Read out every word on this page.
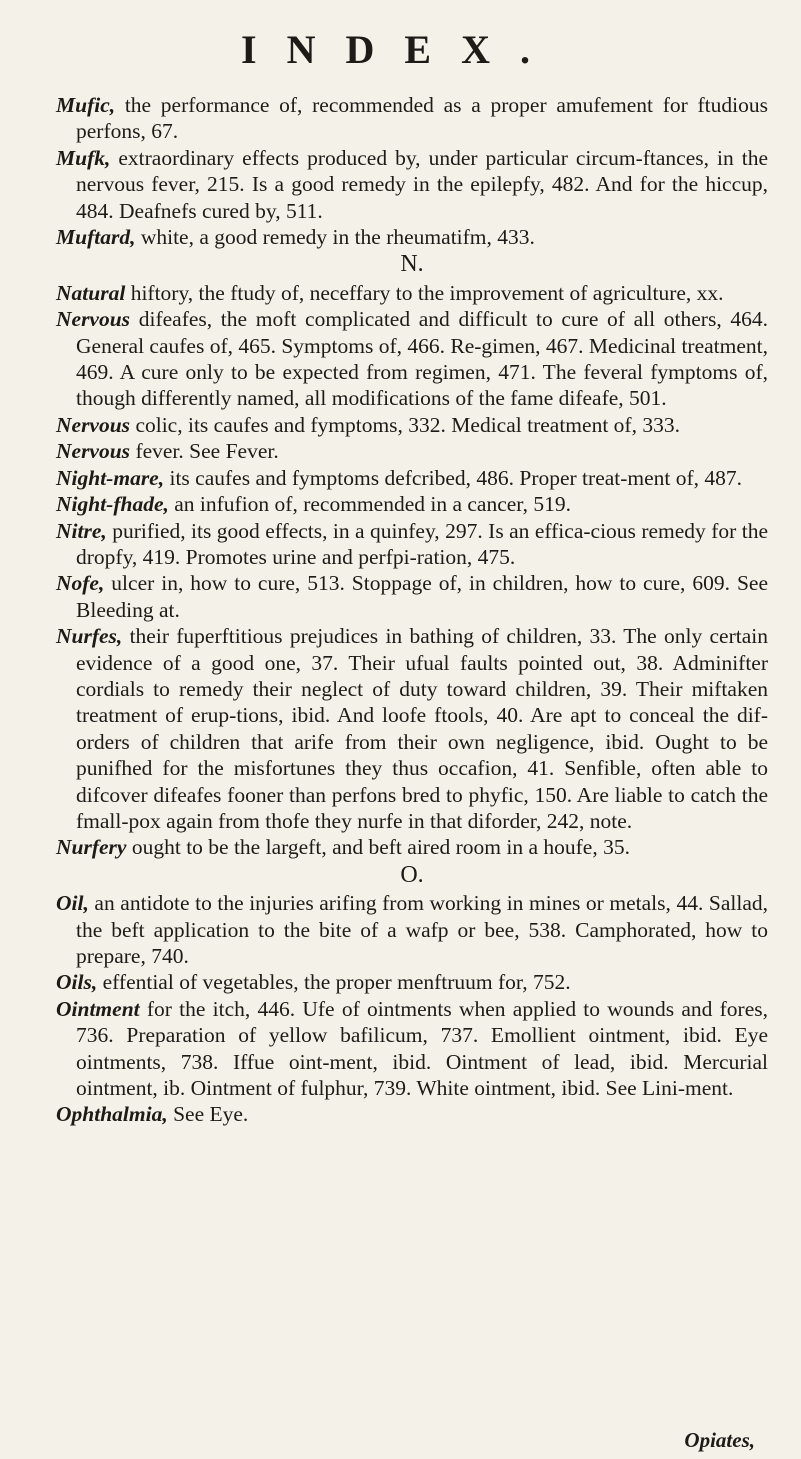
INDEX.

Mufic, the performance of, recommended as a proper amufement for ftudious perfons, 67.

Mufk, extraordinary effects produced by, under particular circum-ftances, in the nervous fever, 215. Is a good remedy in the epilepfy, 482. And for the hiccup, 484. Deafnefs cured by, 511.

Muftard, white, a good remedy in the rheumatifm, 433.

N.

Natural hiftory, the ftudy of, neceffary to the improvement of agriculture, xx.

Nervous difeafes, the moft complicated and difficult to cure of all others, 464. General caufes of, 465. Symptoms of, 466. Re-gimen, 467. Medicinal treatment, 469. A cure only to be expected from regimen, 471. The feveral fymptoms of, though differently named, all modifications of the fame difeafe, 501.

Nervous colic, its caufes and fymptoms, 332. Medical treatment of, 333.

Nervous fever. See Fever.

Night-mare, its caufes and fymptoms defcribed, 486. Proper treat-ment of, 487.

Night-fhade, an infufion of, recommended in a cancer, 519.

Nitre, purified, its good effects, in a quinfey, 297. Is an effica-cious remedy for the dropfy, 419. Promotes urine and perfpi-ration, 475.

Nofe, ulcer in, how to cure, 513. Stoppage of, in children, how to cure, 609. See Bleeding at.

Nurfes, their fuperftitious prejudices in bathing of children, 33. The only certain evidence of a good one, 37. Their ufual faults pointed out, 38. Adminifter cordials to remedy their neglect of duty toward children, 39. Their miftaken treatment of erup-tions, ibid. And loofe ftools, 40. Are apt to conceal the dif-orders of children that arife from their own negligence, ibid. Ought to be punifhed for the misfortunes they thus occafion, 41. Senfible, often able to difcover difeafes fooner than perfons bred to phyfic, 150. Are liable to catch the fmall-pox again from thofe they nurfe in that diforder, 242, note.

Nurfery ought to be the largeft, and beft aired room in a houfe, 35.

O.

Oil, an antidote to the injuries arifing from working in mines or metals, 44. Sallad, the beft application to the bite of a wafp or bee, 538. Camphorated, how to prepare, 740.

Oils, effential of vegetables, the proper menftruum for, 752.

Ointment for the itch, 446. Ufe of ointments when applied to wounds and fores, 736. Preparation of yellow bafilicum, 737. Emollient ointment, ibid. Eye ointments, 738. Iffue oint-ment, ibid. Ointment of lead, ibid. Mercurial ointment, ib. Ointment of fulphur, 739. White ointment, ibid. See Lini-ment.

Ophthalmia, See Eye.

Opiates,
